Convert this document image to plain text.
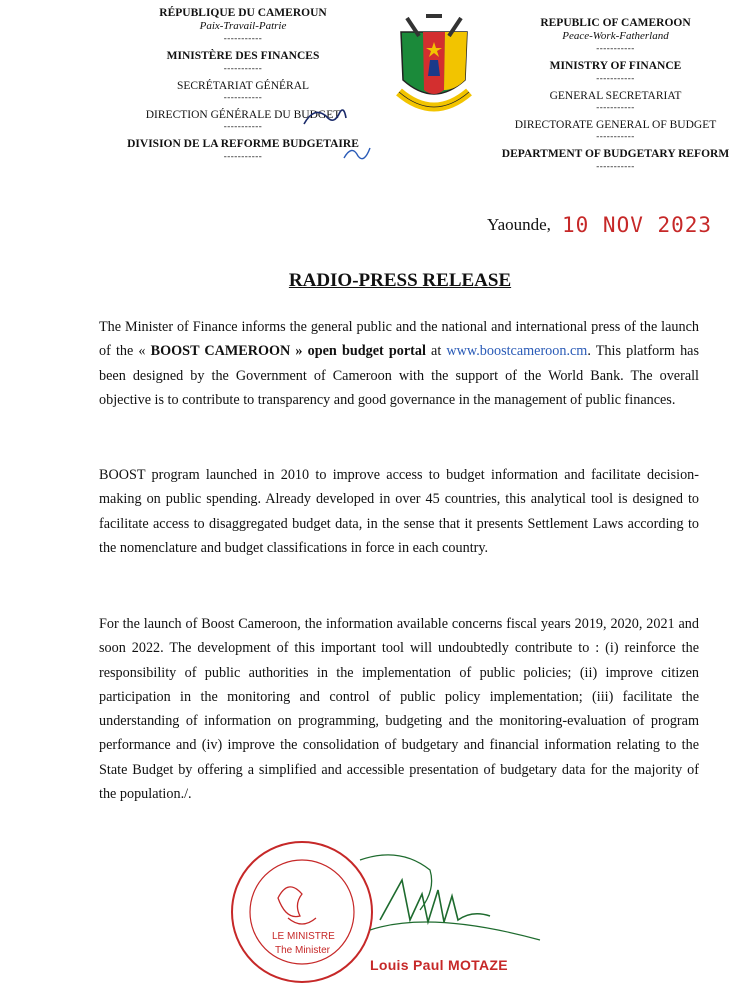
RÉPUBLIQUE DU CAMEROUN
Paix-Travail-Patrie
-----------
MINISTÈRE DES FINANCES
-----------
SECRÉTARIAT GÉNÉRAL
-----------
DIRECTION GÉNÉRALE DU BUDGET
-----------
DIVISION DE LA REFORME BUDGETAIRE
-----------
REPUBLIC OF CAMEROON
Peace-Work-Fatherland
-----------
MINISTRY OF FINANCE
-----------
GENERAL SECRETARIAT
-----------
DIRECTORATE GENERAL OF BUDGET
-----------
DEPARTMENT OF BUDGETARY REFORM
-----------
Yaounde, 10 NOV 2023
RADIO-PRESS RELEASE
The Minister of Finance informs the general public and the national and international press of the launch of the « BOOST CAMEROON » open budget portal at www.boostcameroon.cm. This platform has been designed by the Government of Cameroon with the support of the World Bank. The overall objective is to contribute to transparency and good governance in the management of public finances.
BOOST program launched in 2010 to improve access to budget information and facilitate decision-making on public spending. Already developed in over 45 countries, this analytical tool is designed to facilitate access to disaggregated budget data, in the sense that it presents Settlement Laws according to the nomenclature and budget classifications in force in each country.
For the launch of Boost Cameroon, the information available concerns fiscal years 2019, 2020, 2021 and soon 2022. The development of this important tool will undoubtedly contribute to : (i) reinforce the responsibility of public authorities in the implementation of public policies; (ii) improve citizen participation in the monitoring and control of public policy implementation; (iii) facilitate the understanding of information on programming, budgeting and the monitoring-evaluation of program performance and (iv) improve the consolidation of budgetary and financial information relating to the State Budget by offering a simplified and accessible presentation of budgetary data for the majority of the population./.
LE MINISTRE
The Minister
Louis Paul MOTAZE
